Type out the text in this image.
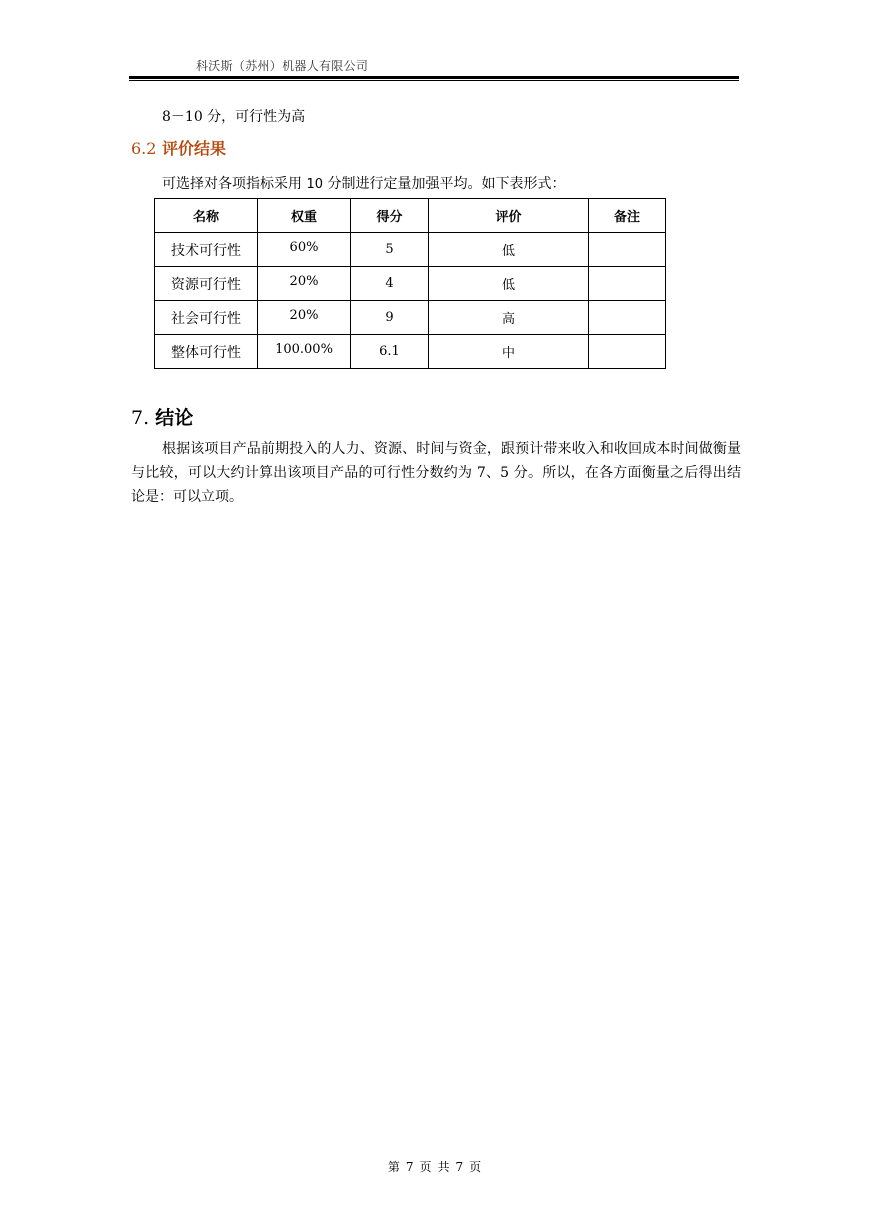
科沃斯（苏州）机器人有限公司
8－10 分，可行性为高
6.2 评价结果
可选择对各项指标采用 10 分制进行定量加强平均。如下表形式：
名称	权重	得分	评价	备注
技术可行性	60%	5	低	
资源可行性	20%	4	低	
社会可行性	20%	9	高	
整体可行性	100.00%	6.1	中	
7. 结论
根据该项目产品前期投入的人力、资源、时间与资金，跟预计带来收入和收回成本时间做衡量与比较，可以大约计算出该项目产品的可行性分数约为 7、5 分。所以，在各方面衡量之后得出结论是：可以立项。
第 7 页 共 7 页
